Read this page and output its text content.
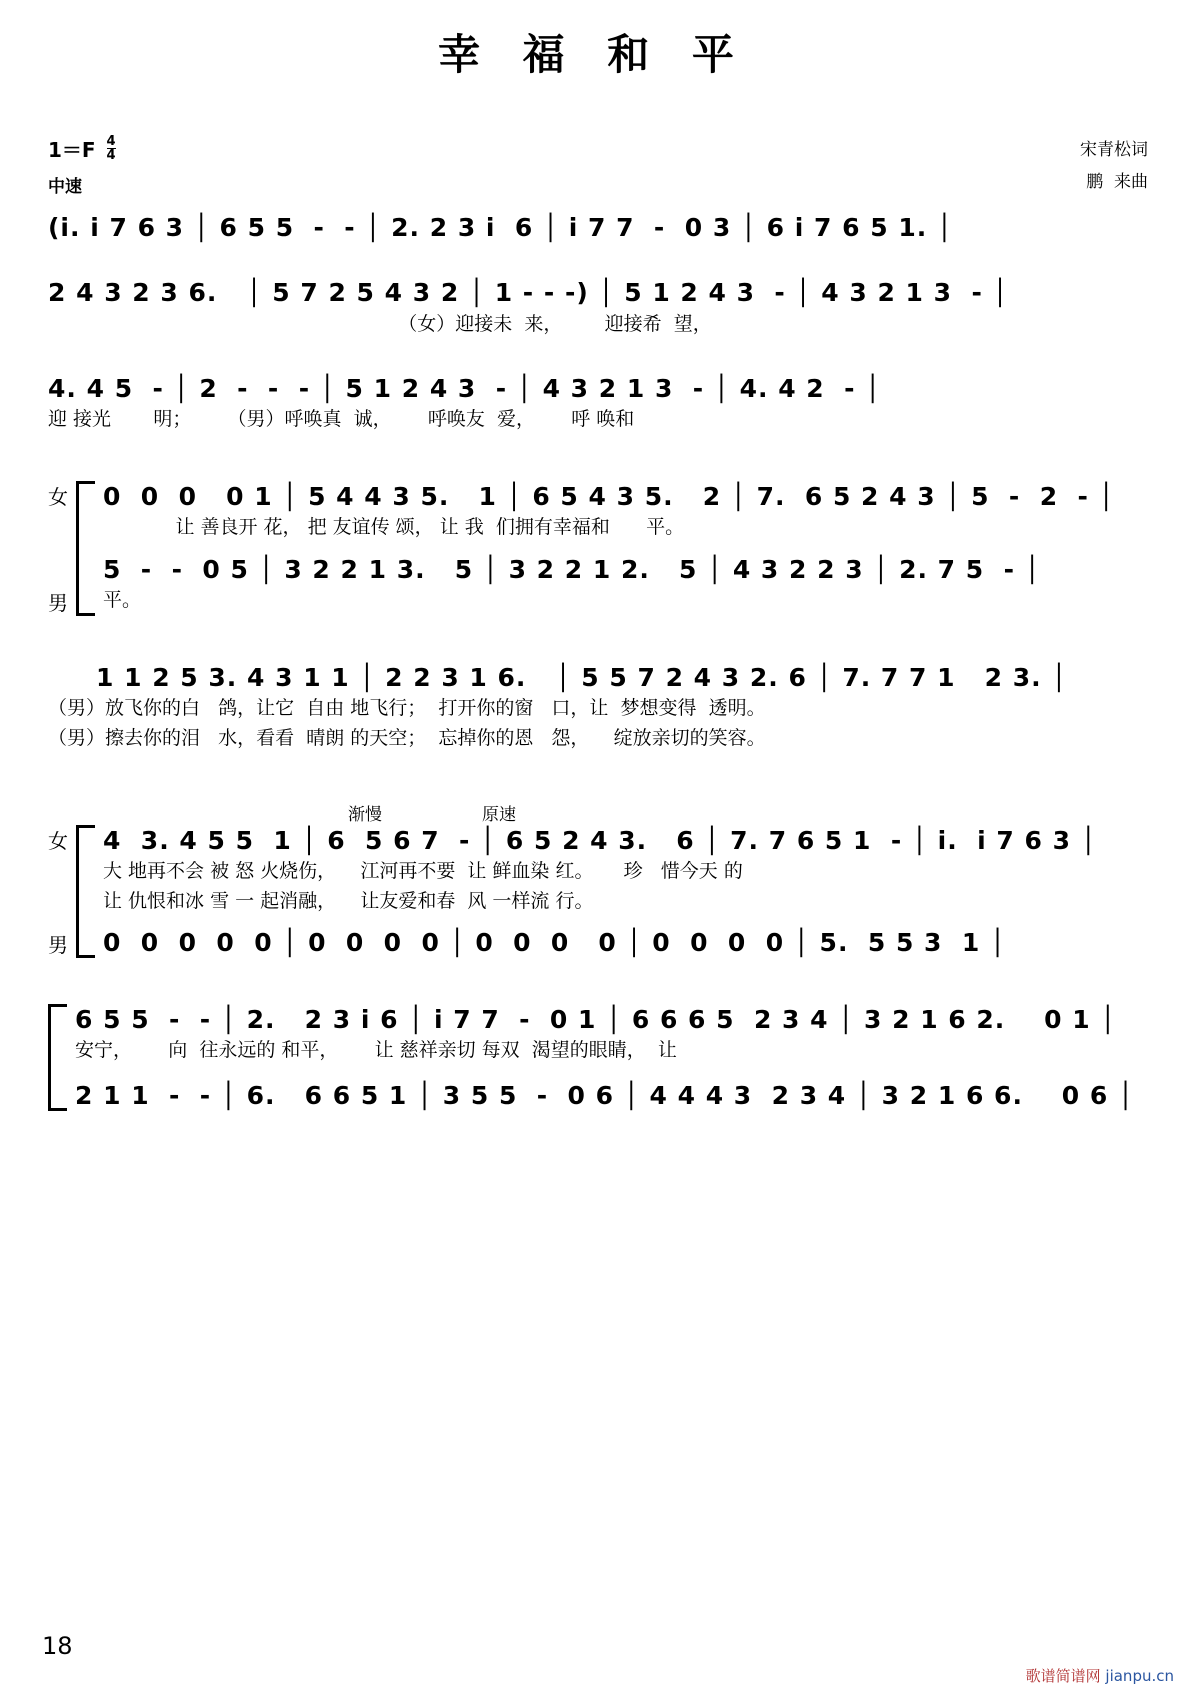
幸 福 和 平
$1=F \frac{4}{4}$
中速
宋青松词
鹏  来曲
(i. i 7 6 3 │ 6 5 5  -  - │ 2. 2 3 i  6 │ i 7 7  -  0 3 │ 6 i 7 6 5 1. │
2 4 3 2 3 6.   │ 5 7 2 5 4 3 2 │ 1 - - -) │ 5 1 2 4 3  - │ 4 3 2 1 3  - │
（女）迎接未  来，       迎接希  望，
4. 4 5  - │ 2  -  -  - │ 5 1 2 4 3  - │ 4 3 2 1 3  - │ 4. 4 2  - │
迎 接光       明；      （男）呼唤真  诚，      呼唤友  爱，      呼 唤和
女
男
0  0  0   0 1 │ 5 4 4 3 5.   1 │ 6 5 4 3 5.   2 │ 7.  6 5 2 4 3 │ 5  -  2  - │
让 善良开 花， 把 友谊传 颂， 让 我  们拥有幸福和      平。
5  -  -  0 5 │ 3 2 2 1 3.   5 │ 3 2 2 1 2.   5 │ 4 3 2 2 3 │ 2. 7 5  - │
平。
1 1 2 5 3. 4 3 1 1 │ 2 2 3 1 6.   │ 5 5 7 2 4 3 2. 6 │ 7. 7 7 1   2 3. │
（男）放飞你的白   鸽，让它  自由 地飞行；  打开你的窗   口，让  梦想变得  透明。
（男）擦去你的泪   水，看看  晴朗 的天空；  忘掉你的恩   怨，    绽放亲切的笑容。
渐慢	原速
女
男
4  3. 4 5 5  1 │ 6  5 6 7  - │ 6 5 2 4 3.   6 │ 7. 7 6 5 1  - │ i.  i 7 6 3 │
大 地再不会 被 怒 火烧伤，    江河再不要  让 鲜血染 红。     珍   惜今天 的
让 仇恨和冰 雪 一 起消融，    让友爱和春  风 一样流 行。
0  0  0  0  0 │ 0  0  0  0 │ 0  0  0   0 │ 0  0  0  0 │ 5.  5 5 3  1 │
6 5 5  -  - │ 2.   2 3 i 6 │ i 7 7  -  0 1 │ 6 6 6 5  2 3 4 │ 3 2 1 6 2.    0 1 │
安宁，      向  往永远的 和平，      让 慈祥亲切 每双  渴望的眼睛，  让
2 1 1  -  - │ 6.   6 6 5 1 │ 3 5 5  -  0 6 │ 4 4 4 3  2 3 4 │ 3 2 1 6 6.    0 6 │
18
歌谱简谱网 jianpu.cn
